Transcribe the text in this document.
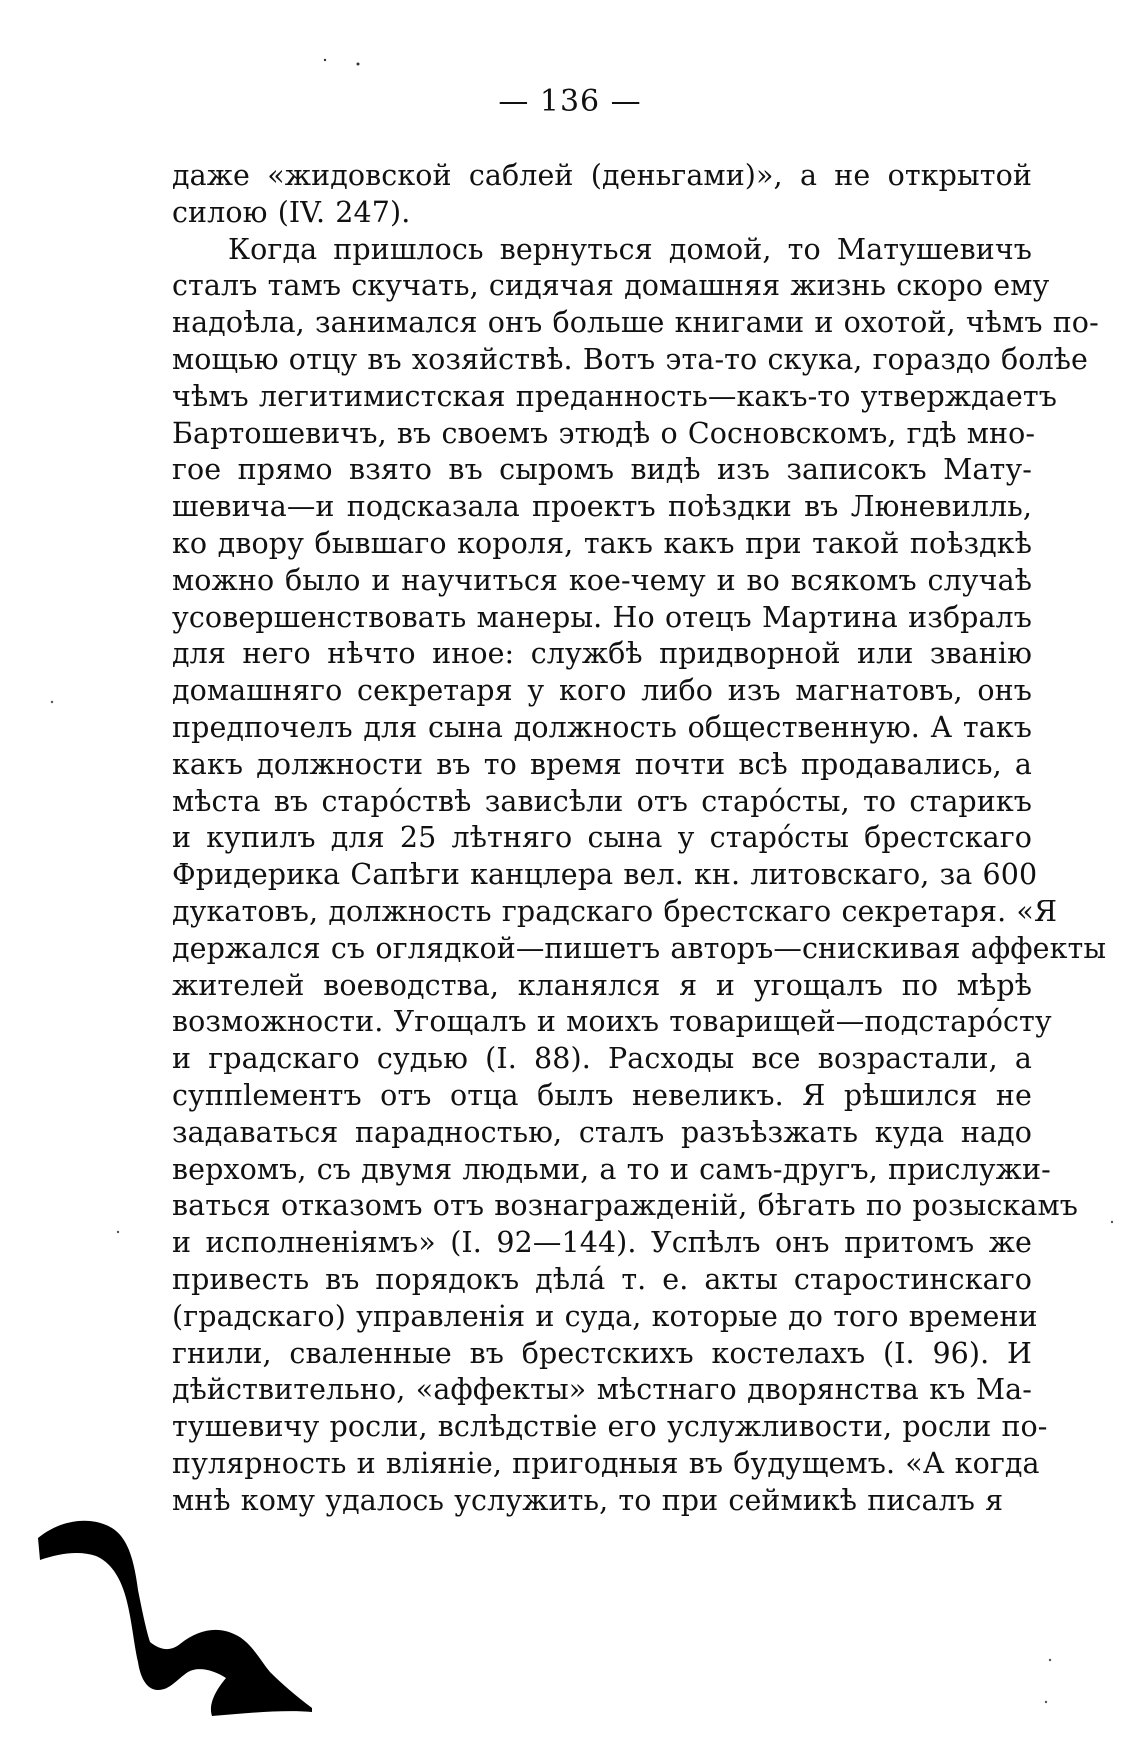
— 136 —
даже «жидовской саблей (деньгами)», а не открытой
силою (IV. 247).
Когда пришлось вернуться домой, то Матушевичъ
сталъ тамъ скучать, сидячая домашняя жизнь скоро ему
надоѣла, занимался онъ больше книгами и охотой, чѣмъ по-
мощью отцу въ хозяйствѣ. Вотъ эта-то скука, гораздо болѣе
чѣмъ легитимистская преданность—какъ-то утверждаетъ
Бартошевичъ, въ своемъ этюдѣ о Сосновскомъ, гдѣ мно-
гое прямо взято въ сыромъ видѣ изъ записокъ Мату-
шевича—и подсказала проектъ поѣздки въ Люневилль,
ко двору бывшаго короля, такъ какъ при такой поѣздкѣ
можно было и научиться кое-чему и во всякомъ случаѣ
усовершенствовать манеры. Но отецъ Мартина избралъ
для него нѣчто иное: службѣ придворной или званію
домашняго секретаря у кого либо изъ магнатовъ, онъ
предпочелъ для сына должность общественную. А такъ
какъ должности въ то время почти всѣ продавались, а
мѣста въ старóствѣ зависѣли отъ старóсты, то старикъ
и купилъ для 25 лѣтняго сына у старóсты брестскаго
Фридерика Сапѣги канцлера вел. кн. литовскаго, за 600
дукатовъ, должность градскаго брестскаго секретаря. «Я
держался съ оглядкой—пишетъ авторъ—снискивая аффекты
жителей воеводства, кланялся я и угощалъ по мѣрѣ
возможности. Угощалъ и моихъ товарищей—подстарóсту
и градскаго судью (I. 88). Расходы все возрастали, а
суппlементъ отъ отца былъ невеликъ. Я рѣшился не
задаваться парадностью, сталъ разъѣзжать куда надо
верхомъ, съ двумя людьми, а то и самъ-другъ, прислужи-
ваться отказомъ отъ вознагражденій, бѣгать по розыскамъ
и исполненіямъ» (I. 92—144). Успѣлъ онъ притомъ же
привесть въ порядокъ дѣлá т. е. акты старостинскаго
(градскаго) управленія и суда, которые до того времени
гнили, сваленные въ брестскихъ костелахъ (I. 96). И
дѣйствительно, «аффекты» мѣстнаго дворянства къ Ма-
тушевичу росли, вслѣдствіе его услужливости, росли по-
пулярность и вліяніе, пригодныя въ будущемъ. «А когда
мнѣ кому удалось услужить, то при сеймикѣ писалъ я
